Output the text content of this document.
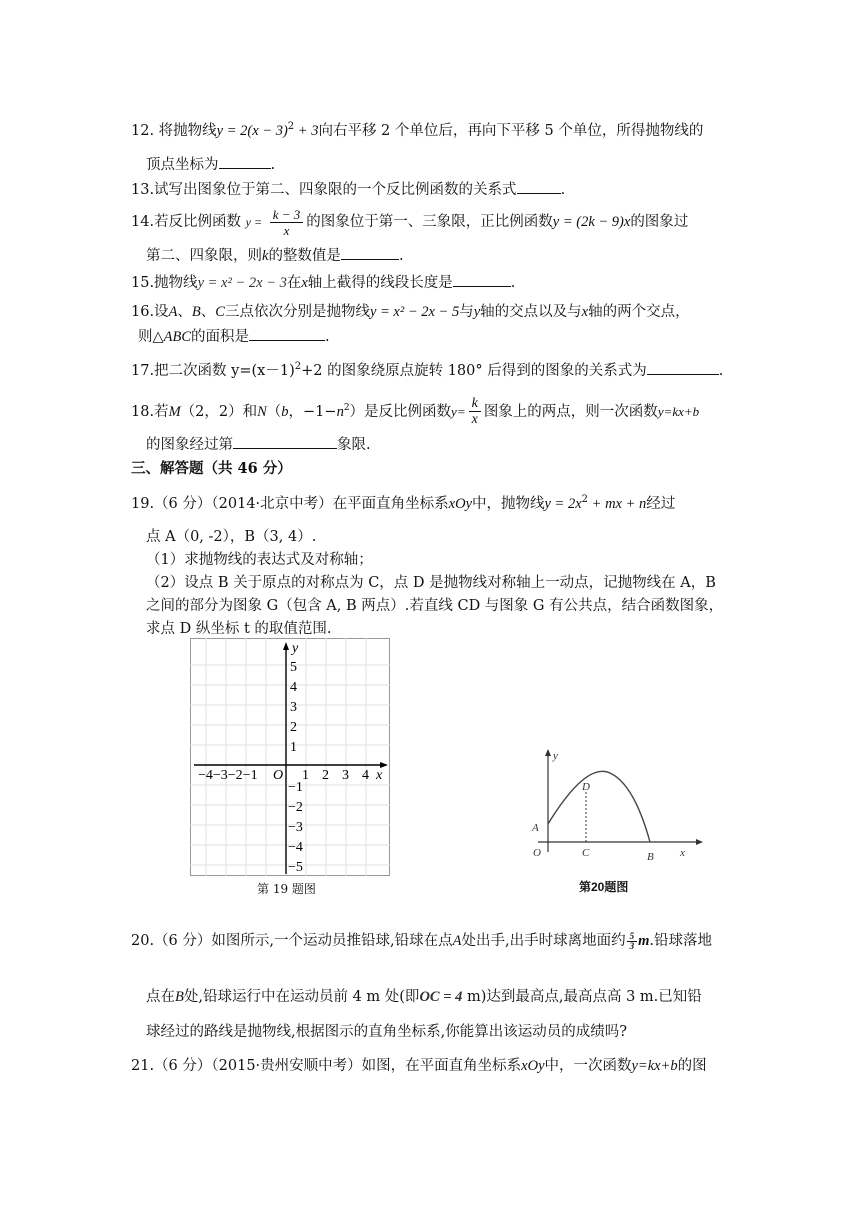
12. 将抛物线$y = 2(x - 3)^2 + 3$向右平移 2 个单位后，再向下平移 5 个单位，所得抛物线的
顶点坐标为	.
13.试写出图象位于第二、四象限的一个反比例函数的关系式	.
14.若反比例函数 $y = \frac{k - 3}{x}$ 的图象位于第一、三象限，正比例函数y = (2k − 9)x的图象过
第二、四象限，则k的整数值是	.
15.抛物线y = x² − 2x − 3在x轴上截得的线段长度是	.
16.设A、B、C三点依次分别是抛物线y = x² − 2x − 5与y轴的交点以及与x轴的两个交点，
则△ABC的面积是	.
17.把二次函数 $y=(x-1)^2+2$ 的图象绕原点旋转 180° 后得到的图象的关系式为	.
18.若M（2，2）和N（b，$-1-n^2$）是反比例函数$y= \frac{k}{x}$ 图象上的两点，则一次函数y=kx+b
的图象经过第	象限.
三、解答题（共 46 分）
19.（6 分）（2014·北京中考）在平面直角坐标系xOy中，抛物线$y = 2x^2$ + mx + n经过
点 A（0, -2），B（3, 4）.
（1）求抛物线的表达式及对称轴；
（2）设点 B 关于原点的对称点为 C，点 D 是抛物线对称轴上一动点，记抛物线在 A，B
之间的部分为图象 G（包含 A, B 两点）.若直线 CD 与图象 G 有公共点，结合函数图象，
求点 D 纵坐标 t 的取值范围.
y
x
5
4
3
2
1
−1
−2
−3
−4
−5
−4−3−2−1 O 1 2 3 4
第 19 题图
y
D
A
O	C	B x
第20题图
20.（6 分）如图所示,一个运动员推铅球,铅球在点A处出手,出手时球离地面约 $\frac{5}{3} m$.铅球落地
点在B处,铅球运行中在运动员前 4 m 处(即OC = 4 m)达到最高点,最高点高 3 m.已知铅
球经过的路线是抛物线,根据图示的直角坐标系,你能算出该运动员的成绩吗?
21.（6 分）（2015·贵州安顺中考）如图，在平面直角坐标系xOy中，一次函数y=kx+b的图
